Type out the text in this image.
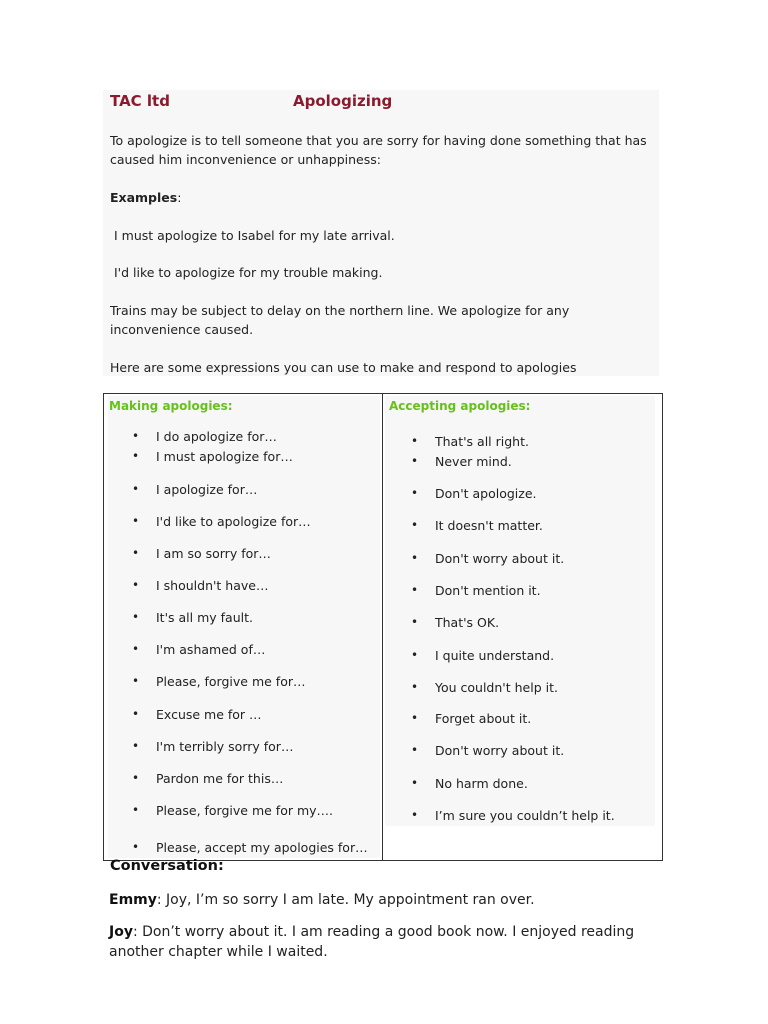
TAC ltd	Apologizing
To apologize is to tell someone that you are sorry for having done something that has caused him inconvenience or unhappiness:
Examples:
I must apologize to Isabel for my late arrival.
I'd like to apologize for my trouble making.
Trains may be subject to delay on the northern line. We apologize for any inconvenience caused.
Here are some expressions you can use to make and respond to apologies
Making apologies:	Accepting apologies:
• I do apologize for…
• I must apologize for…
• I apologize for…
• I'd like to apologize for…
• I am so sorry for…
• I shouldn't have…
• It's all my fault.
• I'm ashamed of…
• Please, forgive me for…
• Excuse me for …
• I'm terribly sorry for…
• Pardon me for this…
• Please, forgive me for my….
• Please, accept my apologies for…
• That's all right.
• Never mind.
• Don't apologize.
• It doesn't matter.
• Don't worry about it.
• Don't mention it.
• That's OK.
• I quite understand.
• You couldn't help it.
• Forget about it.
• Don't worry about it.
• No harm done.
• I’m sure you couldn’t help it.
Conversation:
Emmy: Joy, I’m so sorry I am late. My appointment ran over.
Joy: Don’t worry about it. I am reading a good book now. I enjoyed reading another chapter while I waited.
